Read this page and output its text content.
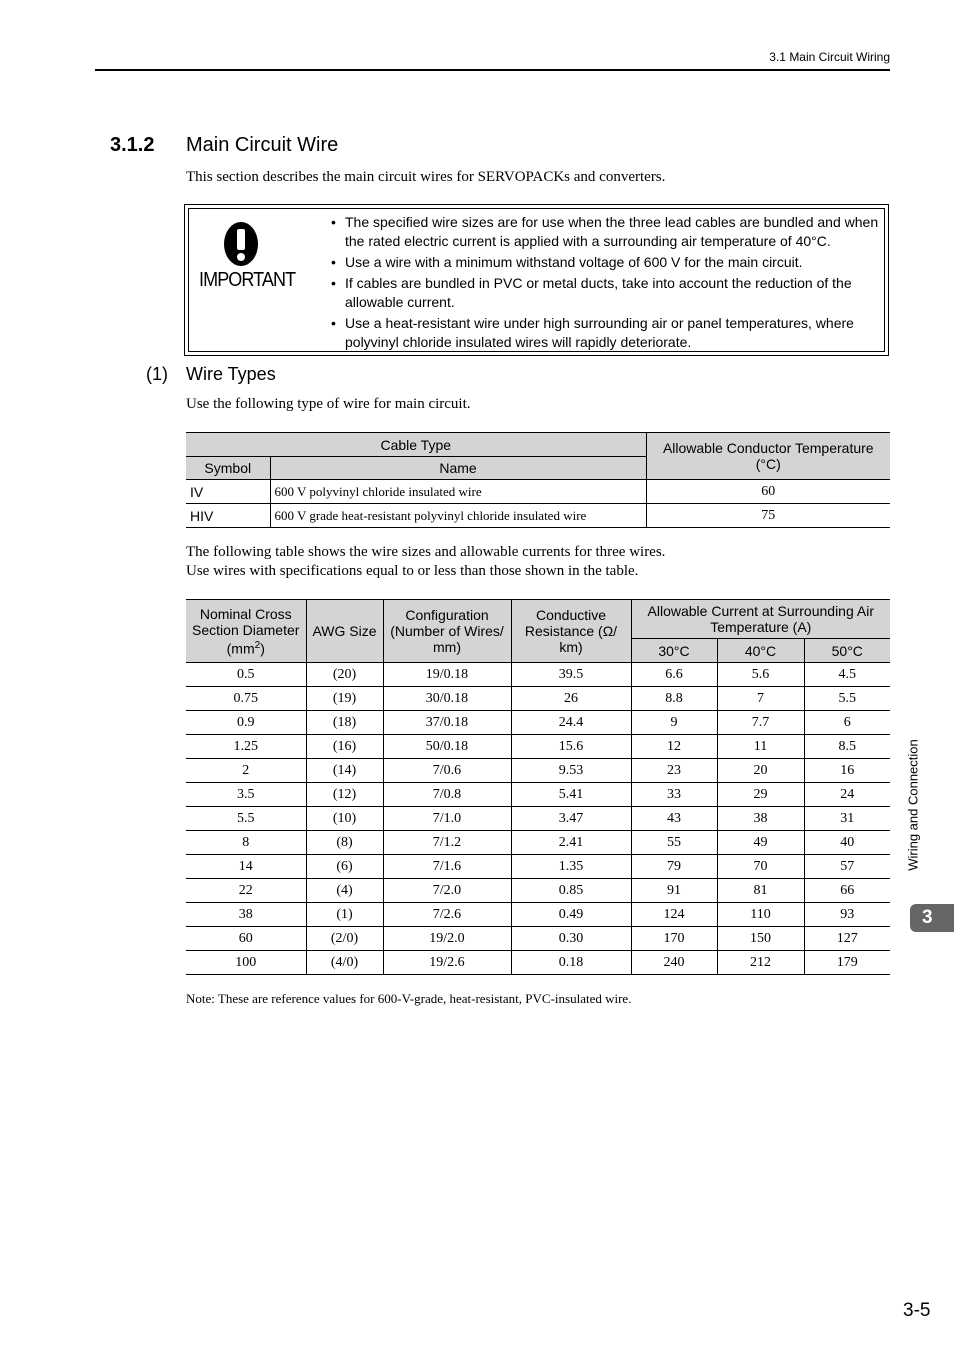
3.1 Main Circuit Wiring
3.1.2 Main Circuit Wire
This section describes the main circuit wires for SERVOPACKs and converters.
IMPORTANT
• The specified wire sizes are for use when the three lead cables are bundled and when the rated electric current is applied with a surrounding air temperature of 40°C.
• Use a wire with a minimum withstand voltage of 600 V for the main circuit.
• If cables are bundled in PVC or metal ducts, take into account the reduction of the allowable current.
• Use a heat-resistant wire under high surrounding air or panel temperatures, where polyvinyl chloride insulated wires will rapidly deteriorate.
(1) Wire Types
Use the following type of wire for main circuit.
Cable Type		Allowable Conductor Temperature (°C)
Symbol	Name	
IV	600 V polyvinyl chloride insulated wire	60
HIV	600 V grade heat-resistant polyvinyl chloride insulated wire	75
The following table shows the wire sizes and allowable currents for three wires.
Use wires with specifications equal to or less than those shown in the table.
Nominal Cross
Section Diameter
$(mm^2)$	AWG Size	Configuration (Number of Wires/ mm)	Conductive Resistance (Ω/ km)	Allowable Current at Surrounding Air Temperature (A)		
				30°C	40°C	50°C
0.5	(20)	19/0.18	39.5	6.6	5.6	4.5
0.75	(19)	30/0.18	26	8.8	7	5.5
0.9	(18)	37/0.18	24.4	9	7.7	6
1.25	(16)	50/0.18	15.6	12	11	8.5
2	(14)	7/0.6	9.53	23	20	16
3.5	(12)	7/0.8	5.41	33	29	24
5.5	(10)	7/1.0	3.47	43	38	31
8	(8)	7/1.2	2.41	55	49	40
14	(6)	7/1.6	1.35	79	70	57
22	(4)	7/2.0	0.85	91	81	66
38	(1)	7/2.6	0.49	124	110	93
60	(2/0)	19/2.0	0.30	170	150	127
100	(4/0)	19/2.6	0.18	240	212	179
Note: These are reference values for 600-V-grade, heat-resistant, PVC-insulated wire.
Wiring and Connection
3
3-5
